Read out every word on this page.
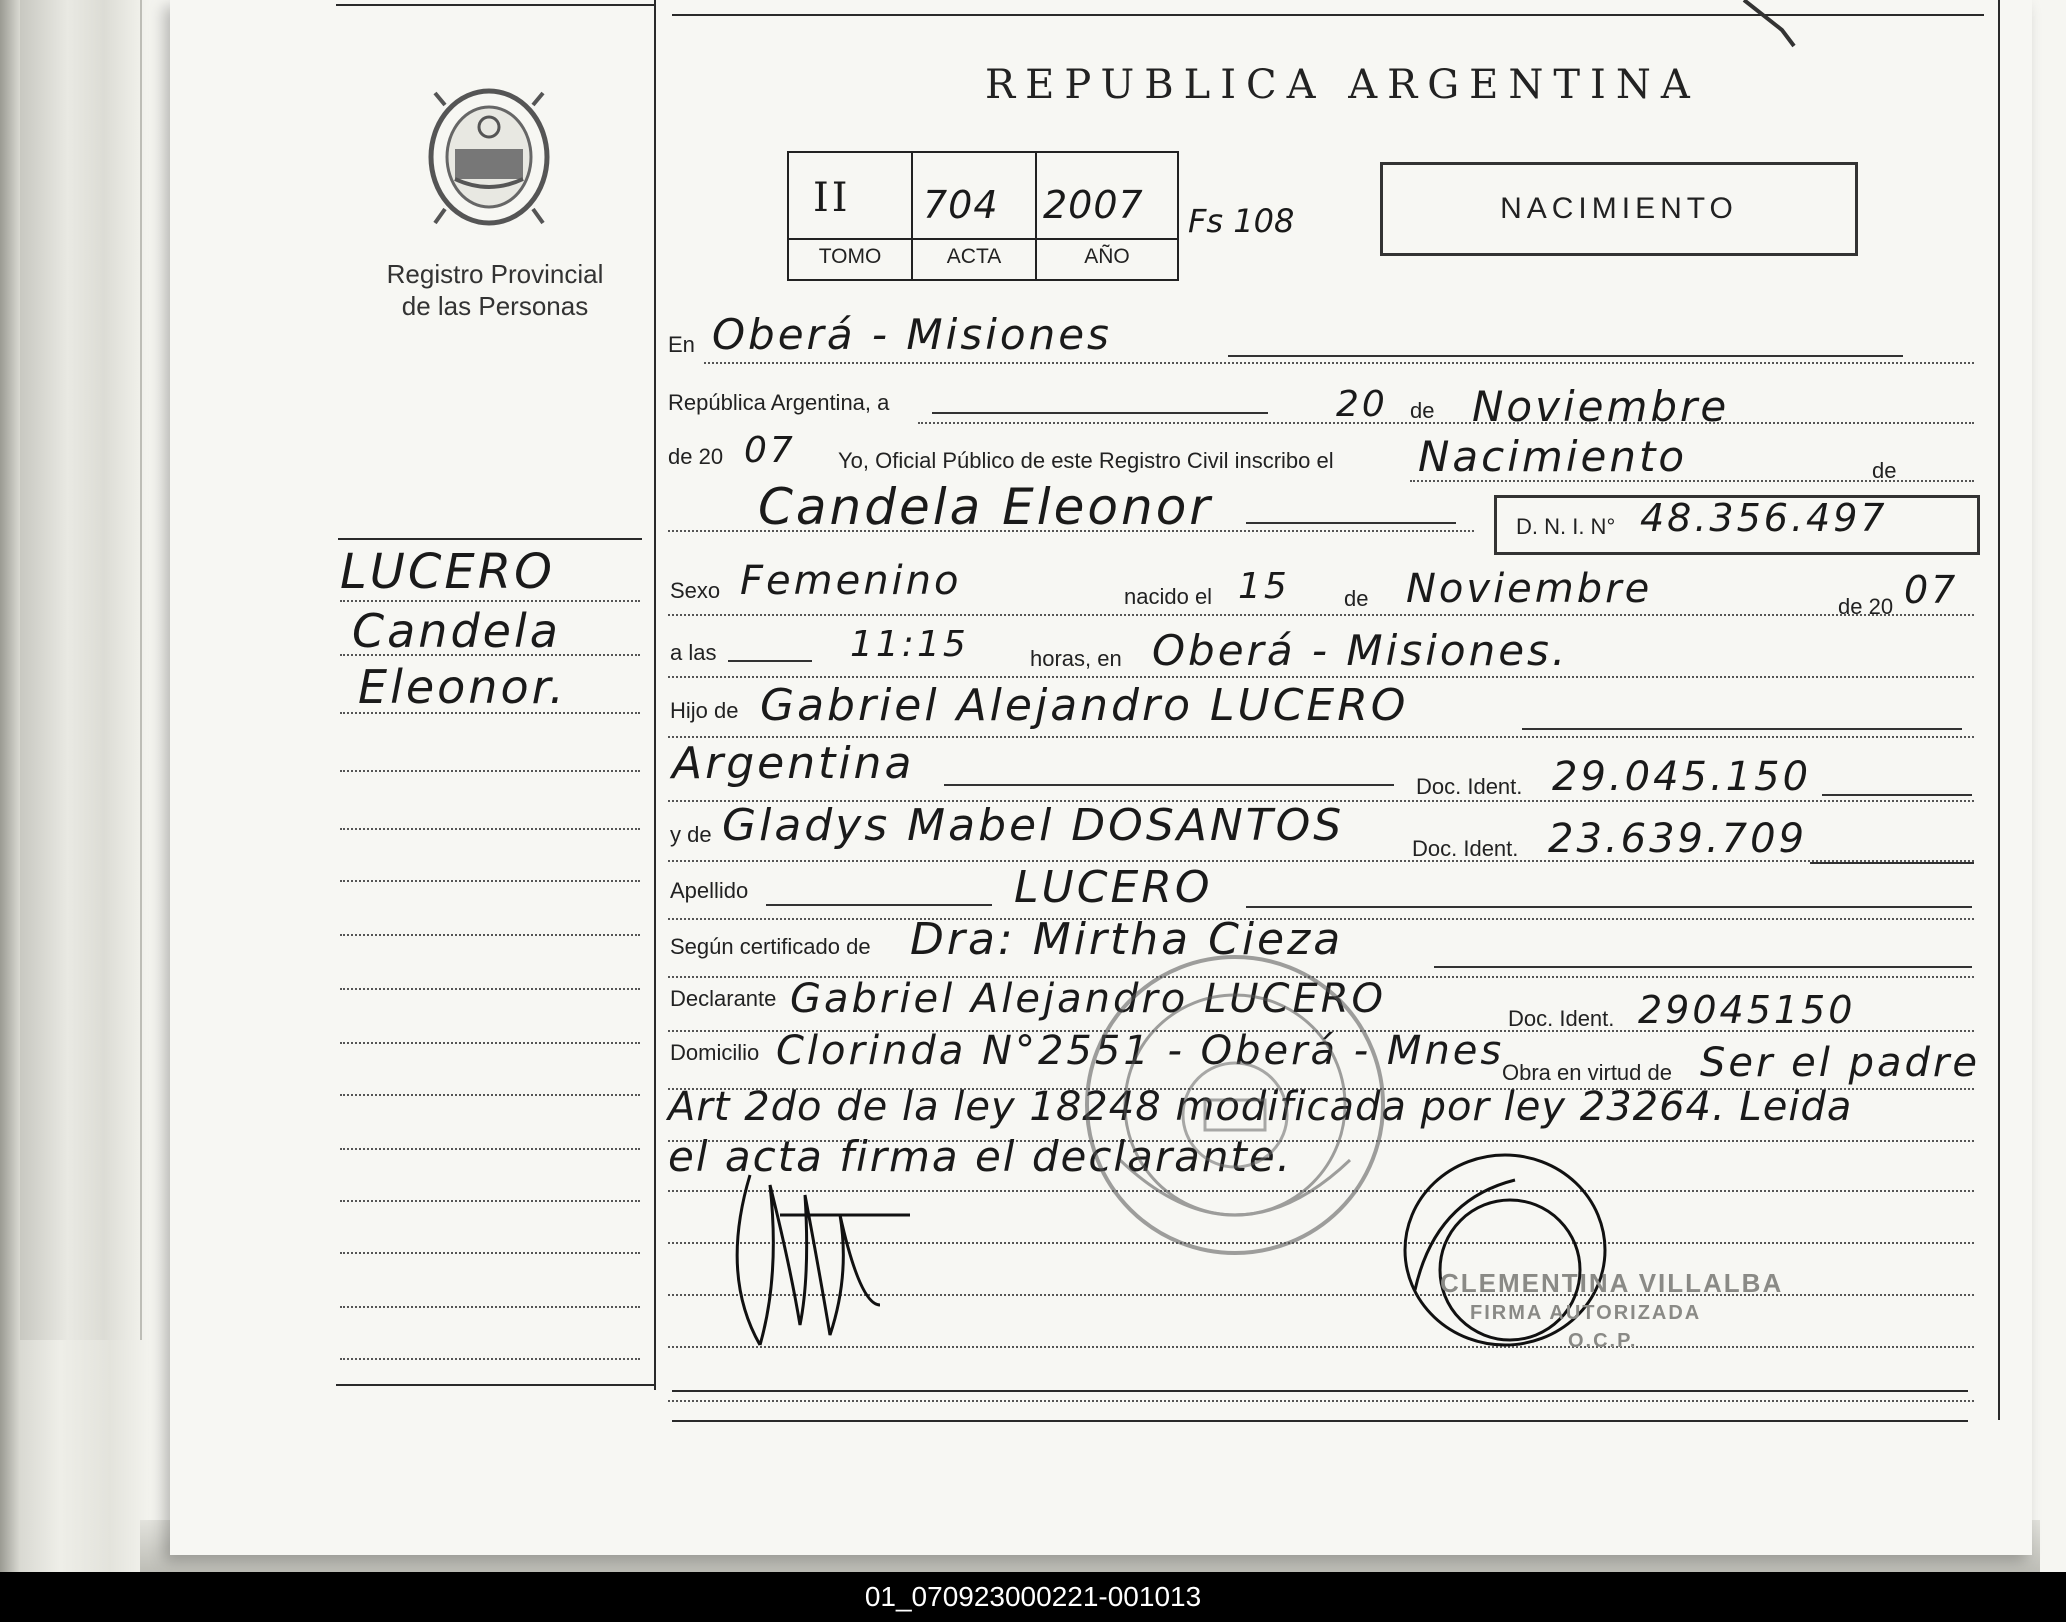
Registro Provincial
de las Personas
REPUBLICA ARGENTINA
II 704 2007
TOMO	ACTA	AÑO
Fs 108	NACIMIENTO
En Oberá - Misiones
República Argentina, a	20 de Noviembre
de 20 07 Yo, Oficial Público de este Registro Civil inscribo el Nacimiento	de
Candela Eleonor	D. N. I. N° 48.356.497
Sexo Femenino	nacido el 15 de Noviembre	de 20 07
a las	11:15	horas, en Oberá - Misiones.
Hijo de Gabriel Alejandro LUCERO
Argentina	Doc. Ident. 29.045.150
y de Gladys Mabel DOSANTOS	Doc. Ident. 23.639.709
Apellido	LUCERO
Según certificado de Dra: Mirtha Cieza
Declarante Gabriel Alejandro LUCERO	Doc. Ident. 29045150
Domicilio Clorinda N°2551 - Oberá - Mnes
Obra en virtud de Ser el padre
Art 2do de la ley 18248 modificada por ley 23264. Leida
el acta firma el declarante.
LUCERO
Candela
Eleonor.
CLEMENTINA VILLALBA
FIRMA AUTORIZADA
O.C.P.
01_070923000221-001013
